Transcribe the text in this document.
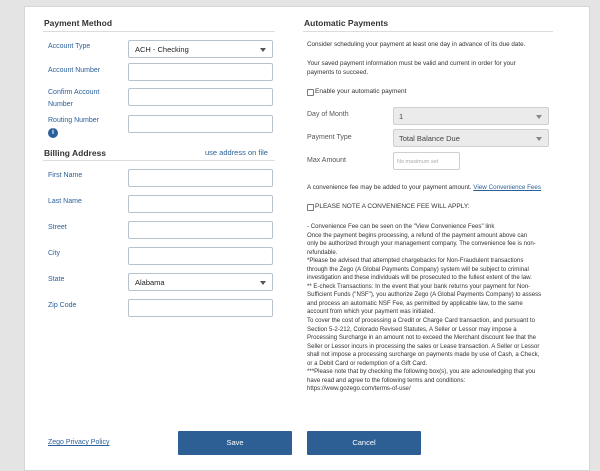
Payment Method
Account Type	ACH - Checking
Account Number
Confirm Account
Number
Routing Number
i
Billing Address	use address on file
First Name
Last Name
Street
City
State	Alabama
Zip Code
Automatic Payments
Consider scheduling your payment at least one day in advance of its due date.
Your saved payment information must be valid and current in order for your
payments to succeed.
Enable your automatic payment
Day of Month	1
Payment Type	Total Balance Due
Max Amount	No maximum set
A convenience fee may be added to your payment amount. View Convenience Fees
PLEASE NOTE A CONVENIENCE FEE WILL APPLY:
- Convenience Fee can be seen on the "View Convenience Fees" link
Once the payment begins processing, a refund of the payment amount above can
only be authorized through your management company. The convenience fee is non-
refundable.
*Please be advised that attempted chargebacks for Non-Fraudulent transactions
through the Zego (A Global Payments Company) system will be subject to criminal
investigation and these individuals will be prosecuted to the fullest extent of the law.
** E-check Transactions: In the event that your bank returns your payment for Non-
Sufficient Funds ("NSF"), you authorize Zego (A Global Payments Company) to assess
and process an automatic NSF Fee, as permitted by applicable law, to the same
account from which your payment was initiated.
To cover the cost of processing a Credit or Charge Card transaction, and pursuant to
Section 5-2-212, Colorado Revised Statutes, A Seller or Lessor may impose a
Processing Surcharge in an amount not to exceed the Merchant discount fee that the
Seller or Lessor incurs in processing the sales or Lease transaction. A Seller or Lessor
shall not impose a processing surcharge on payments made by use of Cash, a Check,
or a Debit Card or redemption of a Gift Card.
***Please note that by checking the following box(s), you are acknowledging that you
have read and agree to the following terms and conditions:
https://www.gozego.com/terms-of-use/
Zego Privacy Policy	Save	Cancel
